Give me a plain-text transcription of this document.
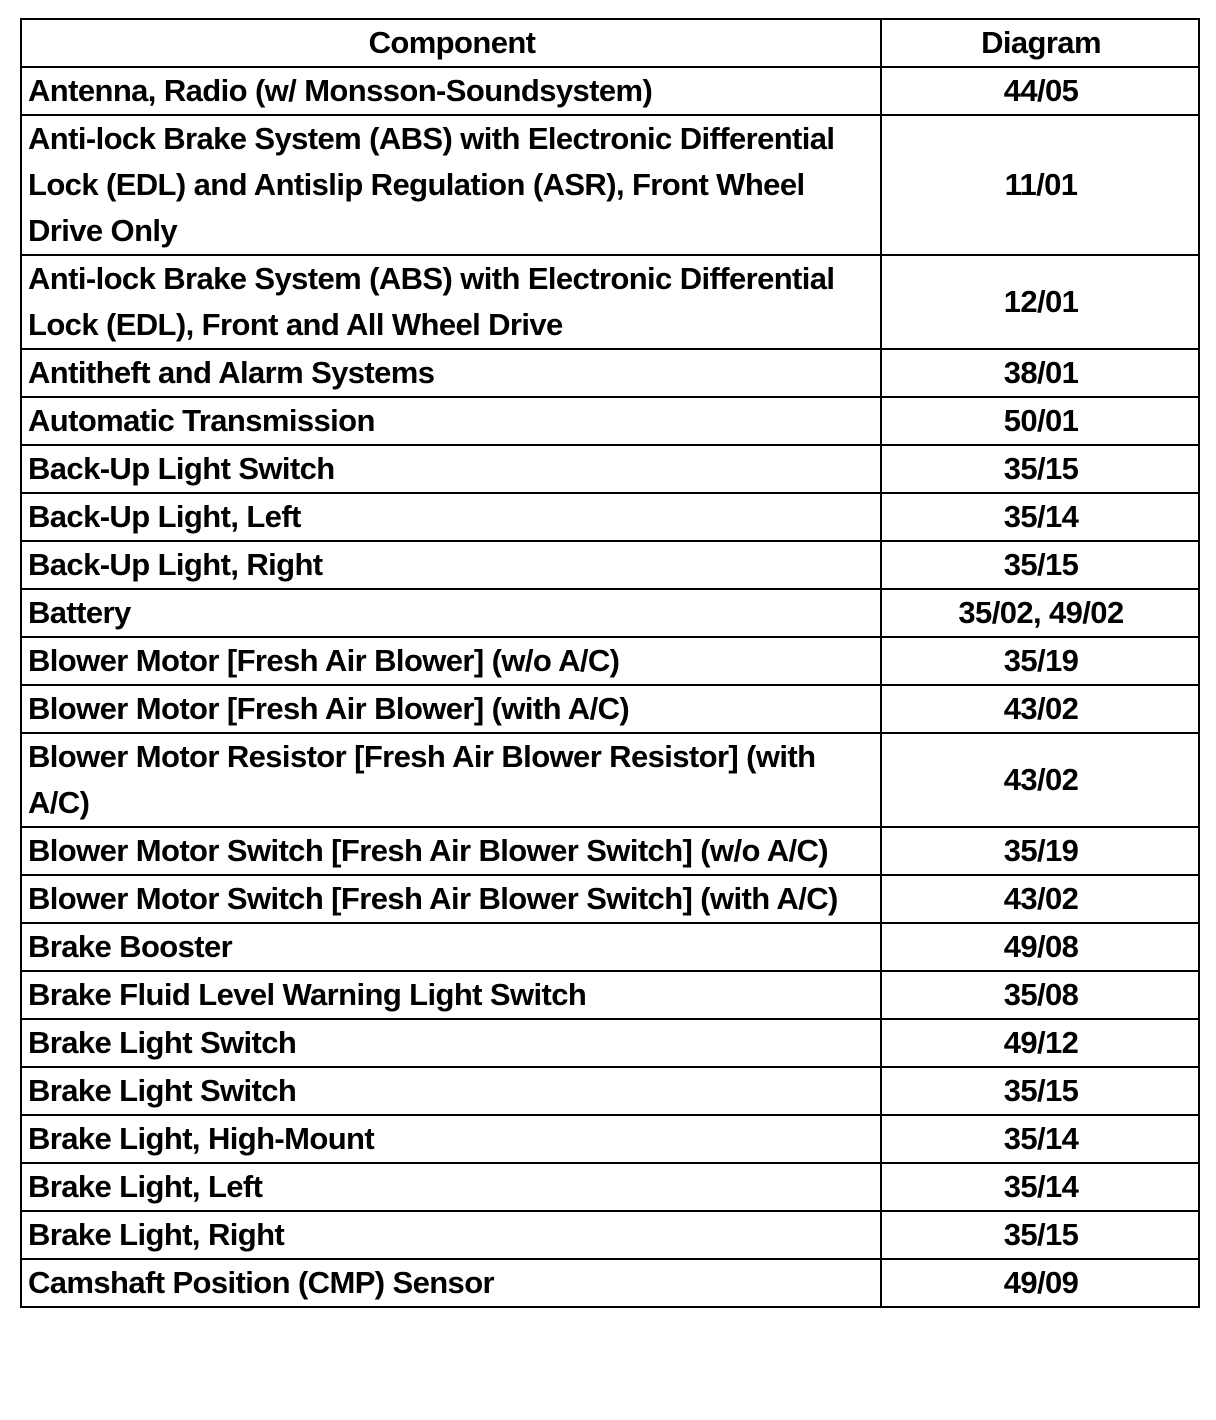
Component	Diagram
Antenna, Radio (w/ Monsson-Soundsystem)	44/05
Anti-lock Brake System (ABS) with Electronic Differential Lock (EDL) and Antislip Regulation (ASR), Front Wheel Drive Only	11/01
Anti-lock Brake System (ABS) with Electronic Differential Lock (EDL), Front and All Wheel Drive	12/01
Antitheft and Alarm Systems	38/01
Automatic Transmission	50/01
Back-Up Light Switch	35/15
Back-Up Light, Left	35/14
Back-Up Light, Right	35/15
Battery	35/02, 49/02
Blower Motor [Fresh Air Blower] (w/o A/C)	35/19
Blower Motor [Fresh Air Blower] (with A/C)	43/02
Blower Motor Resistor [Fresh Air Blower Resistor] (with A/C)	43/02
Blower Motor Switch [Fresh Air Blower Switch] (w/o A/C)	35/19
Blower Motor Switch [Fresh Air Blower Switch] (with A/C)	43/02
Brake Booster	49/08
Brake Fluid Level Warning Light Switch	35/08
Brake Light Switch	49/12
Brake Light Switch	35/15
Brake Light, High-Mount	35/14
Brake Light, Left	35/14
Brake Light, Right	35/15
Camshaft Position (CMP) Sensor	49/09
